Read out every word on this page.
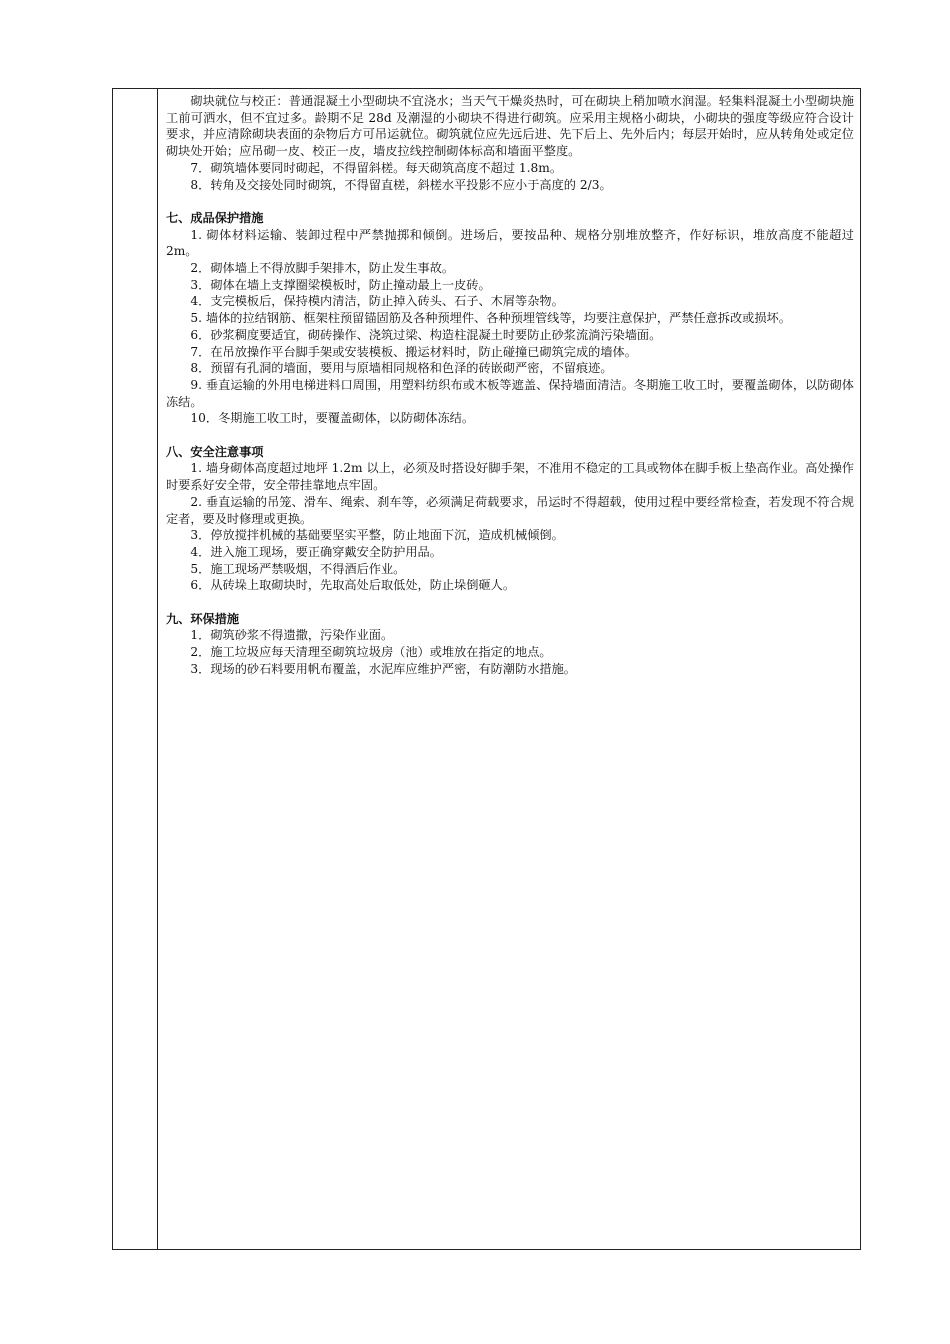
砌块就位与校正：普通混凝土小型砌块不宜浇水；当天气干燥炎热时，可在砌块上稍加喷水润湿。轻集料混凝土小型砌块施工前可洒水，但不宜过多。龄期不足 28d 及潮湿的小砌块不得进行砌筑。应采用主规格小砌块，小砌块的强度等级应符合设计要求，并应清除砌块表面的杂物后方可吊运就位。砌筑就位应先远后进、先下后上、先外后内；每层开始时，应从转角处或定位砌块处开始；应吊砌一皮、校正一皮，墙皮拉线控制砌体标高和墙面平整度。

7．砌筑墙体要同时砌起，不得留斜槎。每天砌筑高度不超过 1.8m。

8．转角及交接处同时砌筑，不得留直槎，斜槎水平投影不应小于高度的 2/3。

七、成品保护措施

1. 砌体材料运输、装卸过程中严禁抛掷和倾倒。进场后，要按品种、规格分别堆放整齐，作好标识，堆放高度不能超过 2m。

2．砌体墙上不得放脚手架排木，防止发生事故。

3．砌体在墙上支撑圈梁模板时，防止撞动最上一皮砖。

4．支完模板后，保持模内清洁，防止掉入砖头、石子、木屑等杂物。

5. 墙体的拉结钢筋、框架柱预留锚固筋及各种预埋件、各种预埋管线等，均要注意保护，严禁任意拆改或损坏。

6．砂浆稠度要适宜，砌砖操作、浇筑过梁、构造柱混凝土时要防止砂浆流淌污染墙面。

7．在吊放操作平台脚手架或安装模板、搬运材料时，防止碰撞已砌筑完成的墙体。

8．预留有孔洞的墙面，要用与原墙相同规格和色泽的砖嵌砌严密，不留痕迹。

9. 垂直运输的外用电梯进料口周围，用塑料纺织布或木板等遮盖、保持墙面清洁。冬期施工收工时，要覆盖砌体，以防砌体冻结。

10．冬期施工收工时，要覆盖砌体，以防砌体冻结。

八、安全注意事项

1. 墙身砌体高度超过地坪 1.2m 以上，必须及时搭设好脚手架，不准用不稳定的工具或物体在脚手板上垫高作业。高处操作时要系好安全带，安全带挂靠地点牢固。

2. 垂直运输的吊笼、滑车、绳索、刹车等，必须满足荷载要求，吊运时不得超载，使用过程中要经常检查，若发现不符合规定者，要及时修理或更换。

3．停放搅拌机械的基础要坚实平整，防止地面下沉，造成机械倾倒。

4．进入施工现场，要正确穿戴安全防护用品。

5．施工现场严禁吸烟，不得酒后作业。

6．从砖垛上取砌块时，先取高处后取低处，防止垛倒砸人。

九、环保措施

1．砌筑砂浆不得遗撒，污染作业面。

2．施工垃圾应每天清理至砌筑垃圾房（池）或堆放在指定的地点。

3．现场的砂石料要用帆布覆盖，水泥库应维护严密，有防潮防水措施。
